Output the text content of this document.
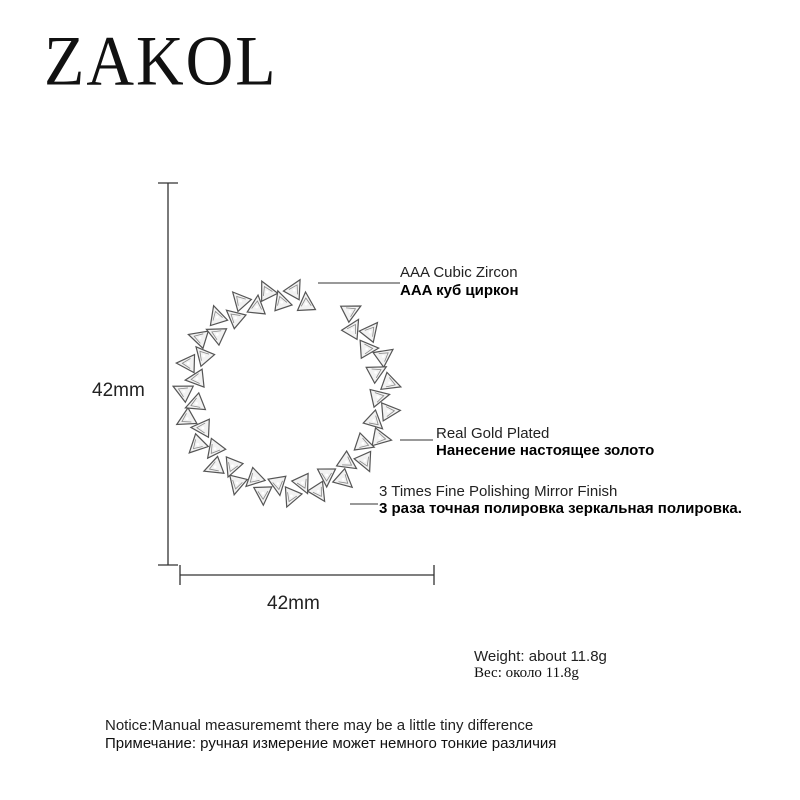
ZAKOL
42mm
42mm
AAA Cubic Zircon
AAA куб циркон
Real Gold Plated
Нанесение настоящее золото
3 Times Fine Polishing Mirror Finish
3 раза точная полировка зеркальная полировка.
Weight: about 11.8g
Вес: около 11.8g
Notice:Manual measurememt there may be a little tiny difference
Примечание: ручная измерение может немного тонкие различия
